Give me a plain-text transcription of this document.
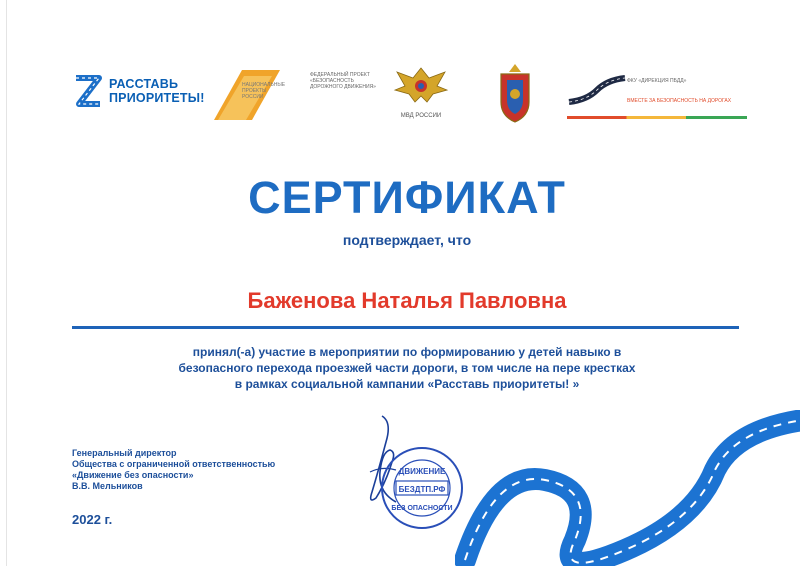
РАССТАВЬ
ПРИОРИТЕТЫ!
НАЦИОНАЛЬНЫЕ ПРОЕКТЫ РОССИИ
ФЕДЕРАЛЬНЫЙ ПРОЕКТ «БЕЗОПАСНОСТЬ ДОРОЖНОГО ДВИЖЕНИЯ»
МВД РОССИИ
ФКУ «ДИРЕКЦИЯ ПБДД»
ВМЕСТЕ ЗА БЕЗОПАСНОСТЬ НА ДОРОГАХ
СЕРТИФИКАТ
подтверждает, что
Баженова Наталья Павловна
принял(-а) участие в мероприятии по формированию у детей навыко в
безопасного перехода проезжей части дороги, в том числе на пере крестках
в рамках социальной кампании «Расставь приоритеты! »
Генеральный директор
Общества с ограниченной ответственностью
«Движение без опасности»
В.В. Мельников
2022 г.
ДВИЖЕНИЕ
БЕЗДТП.РФ
БЕЗ ОПАСНОСТИ
